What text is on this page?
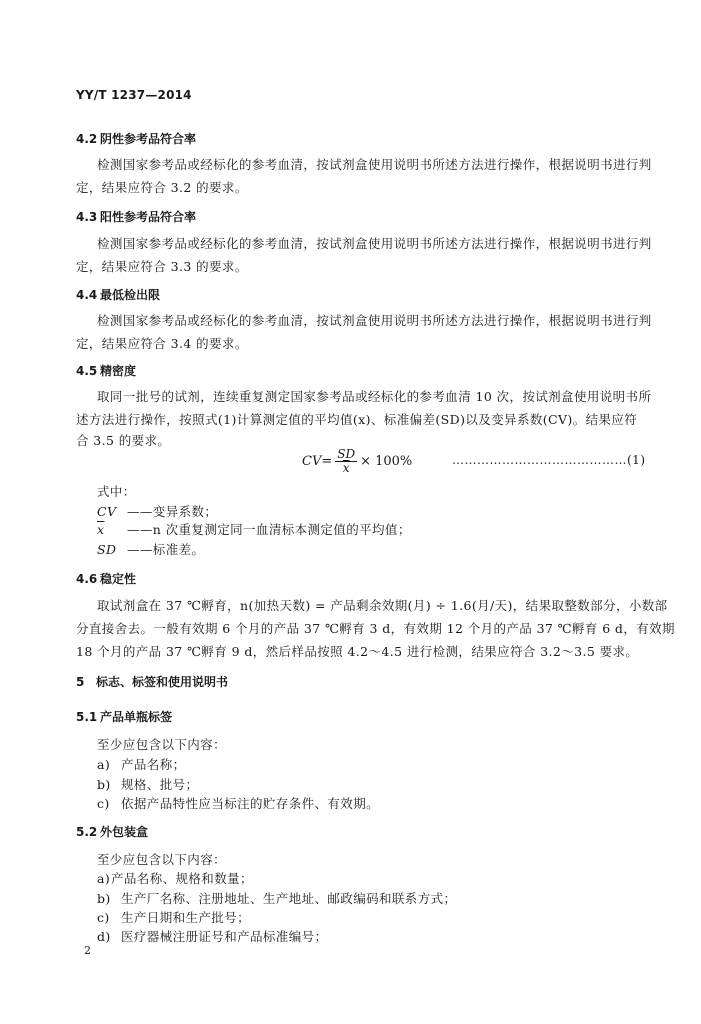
YY/T 1237—2014
4.2 阴性参考品符合率
检测国家参考品或经标化的参考血清，按试剂盒使用说明书所述方法进行操作，根据说明书进行判
定，结果应符合 3.2 的要求。
4.3 阳性参考品符合率
检测国家参考品或经标化的参考血清，按试剂盒使用说明书所述方法进行操作，根据说明书进行判
定，结果应符合 3.3 的要求。
4.4 最低检出限
检测国家参考品或经标化的参考血清，按试剂盒使用说明书所述方法进行操作，根据说明书进行判
定，结果应符合 3.4 的要求。
4.5 精密度
取同一批号的试剂，连续重复测定国家参考品或经标化的参考血清 10 次，按试剂盒使用说明书所
述方法进行操作，按照式(1)计算测定值的平均值(x)、标准偏差(SD)以及变异系数(CV)。结果应符
合 3.5 的要求。
CV = $\frac{SD}{x} \times 100\%$	……………………………………(1)
式中：
CV ——变异系数；
$\overline{x}$ ——n 次重复测定同一血清标本测定值的平均值；
SD ——标准差。
4.6 稳定性
取试剂盒在 37 ℃孵育，n(加热天数) = 产品剩余效期(月) ÷ 1.6(月/天)，结果取整数部分，小数部
分直接舍去。一般有效期 6 个月的产品 37 ℃孵育 3 d，有效期 12 个月的产品 37 ℃孵育 6 d，有效期
18 个月的产品 37 ℃孵育 9 d，然后样品按照 4.2～4.5 进行检测，结果应符合 3.2～3.5 要求。
5 标志、标签和使用说明书
5.1 产品单瓶标签
至少应包含以下内容：
a) 产品名称；
b) 规格、批号；
c) 依据产品特性应当标注的贮存条件、有效期。
5.2 外包装盒
至少应包含以下内容：
a)产品名称、规格和数量；
b) 生产厂名称、注册地址、生产地址、邮政编码和联系方式；
c) 生产日期和生产批号；
d) 医疗器械注册证号和产品标准编号；
2
